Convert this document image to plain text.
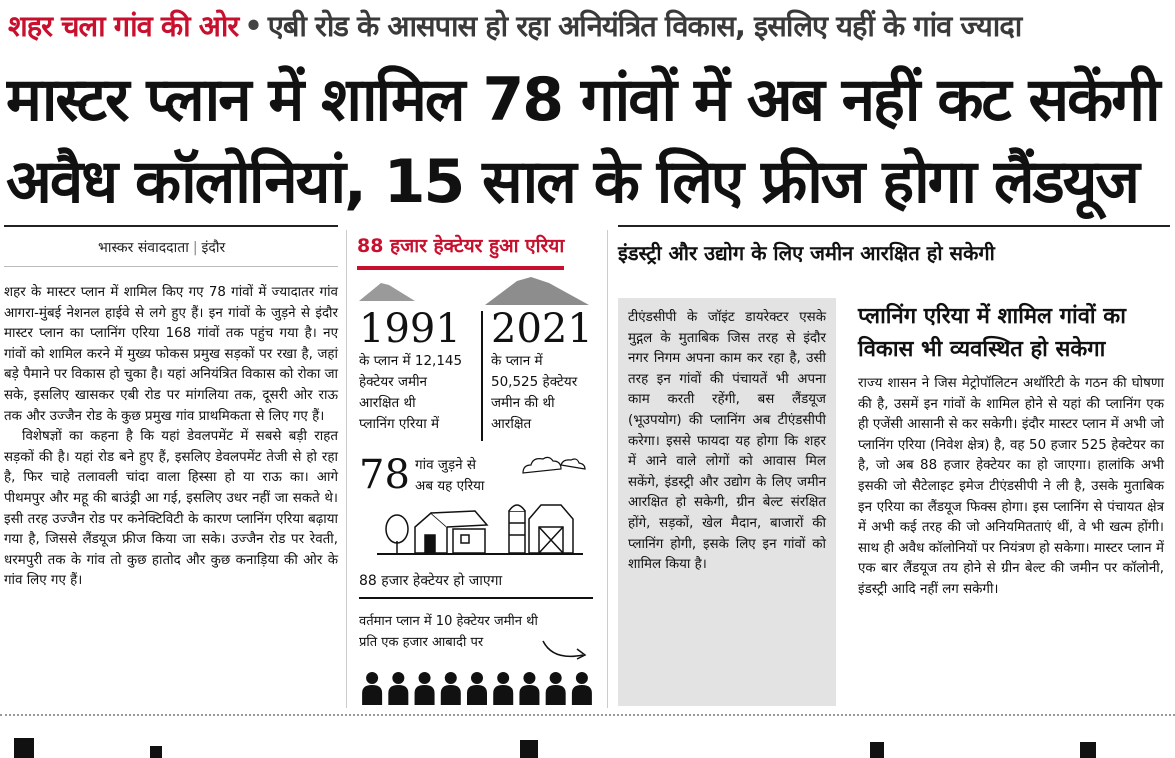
शहर चला गांव की ओर • एबी रोड के आसपास हो रहा अनियंत्रित विकास, इसलिए यहीं के गांव ज्यादा
मास्टर प्लान में शामिल 78 गांवों में अब नहीं कट सकेंगी
अवैध कॉलोनियां, 15 साल के लिए फ्रीज होगा लैंडयूज
भास्कर संवाददाता | इंदौर

शहर के मास्टर प्लान में शामिल किए गए 78 गांवों में ज्यादातर गांव आगरा-मुंबई नेशनल हाईवे से लगे हुए हैं। इन गांवों के जुड़ने से इंदौर मास्टर प्लान का प्लानिंग एरिया 168 गांवों तक पहुंच गया है। नए गांवों को शामिल करने में मुख्य फोकस प्रमुख सड़कों पर रखा है, जहां बड़े पैमाने पर विकास हो चुका है। यहां अनियंत्रित विकास को रोका जा सके, इसलिए खासकर एबी रोड पर मांगलिया तक, दूसरी ओर राऊ तक और उज्जैन रोड के कुछ प्रमुख गांव प्राथमिकता से लिए गए हैं।

विशेषज्ञों का कहना है कि यहां डेवलपमेंट में सबसे बड़ी राहत सड़कों की है। यहां रोड बने हुए हैं, इसलिए डेवलपमेंट तेजी से हो रहा है, फिर चाहे तलावली चांदा वाला हिस्सा हो या राऊ का। आगे पीथमपुर और महू की बाउंड्री आ गई, इसलिए उधर नहीं जा सकते थे। इसी तरह उज्जैन रोड पर कनेक्टिविटी के कारण प्लानिंग एरिया बढ़ाया गया है, जिससे लैंडयूज फ्रीज किया जा सके। उज्जैन रोड पर रेवती, धरमपुरी तक के गांव तो कुछ हातोद और कुछ कनाड़िया की ओर के गांव लिए गए हैं।

88 हजार हेक्टेयर हुआ एरिया
1991
के प्लान में 12,145
हेक्टेयर जमीन
आरक्षित थी
प्लानिंग एरिया में
2021
के प्लान में
50,525 हेक्टेयर
जमीन की थी
आरक्षित
78 गांव जुड़ने से
अब यह एरिया
88 हजार हेक्टेयर हो जाएगा
वर्तमान प्लान में 10 हेक्टेयर जमीन थी
प्रति एक हजार आबादी पर
इंडस्ट्री और उद्योग के लिए जमीन आरक्षित हो सकेगी

टीएंडसीपी के जॉइंट डायरेक्टर एसके मुद्गल के मुताबिक जिस तरह से इंदौर नगर निगम अपना काम कर रहा है, उसी तरह इन गांवों की पंचायतें भी अपना काम करती रहेंगी, बस लैंडयूज (भूउपयोग) की प्लानिंग अब टीएंडसीपी करेगा। इससे फायदा यह होगा कि शहर में आने वाले लोगों को आवास मिल सकेंगे, इंडस्ट्री और उद्योग के लिए जमीन आरक्षित हो सकेगी, ग्रीन बेल्ट संरक्षित होंगे, सड़कों, खेल मैदान, बाजारों की प्लानिंग होगी, इसके लिए इन गांवों को शामिल किया है।

प्लानिंग एरिया में शामिल गांवों का विकास भी व्यवस्थित हो सकेगा

राज्य शासन ने जिस मेट्रोपॉलिटन अथॉरिटी के गठन की घोषणा की है, उसमें इन गांवों के शामिल होने से यहां की प्लानिंग एक ही एजेंसी आसानी से कर सकेगी। इंदौर मास्टर प्लान में अभी जो प्लानिंग एरिया (निवेश क्षेत्र) है, वह 50 हजार 525 हेक्टेयर का है, जो अब 88 हजार हेक्टेयर का हो जाएगा। हालांकि अभी इसकी जो सैटेलाइट इमेज टीएंडसीपी ने ली है, उसके मुताबिक इन एरिया का लैंडयूज फिक्स होगा। इस प्लानिंग से पंचायत क्षेत्र में अभी कई तरह की जो अनियमितताएं थीं, वे भी खत्म होंगी। साथ ही अवैध कॉलोनियों पर नियंत्रण हो सकेगा। मास्टर प्लान में एक बार लैंडयूज तय होने से ग्रीन बेल्ट की जमीन पर कॉलोनी, इंडस्ट्री आदि नहीं लग सकेगी।
